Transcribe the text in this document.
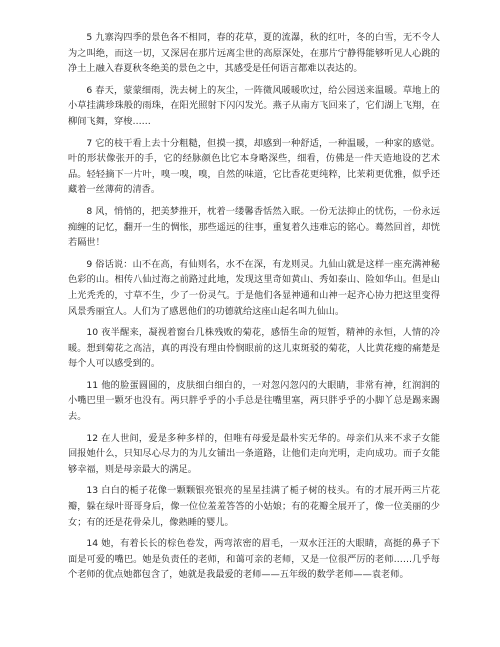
5 九寨沟四季的景色各不相同，春的花草，夏的流瀑，秋的红叶，冬的白雪，无不令人为之叫绝，而这一切，又深居在那片远离尘世的高原深处，在那片宁静得能够听见人心跳的净土上融入春夏秋冬绝美的景色之中，其感受是任何语言都难以表达的。

6 春天，蒙蒙细雨，洗去树上的灰尘，一阵微风暖暖吹过，给公园送来温暖。草地上的小草挂满珍珠般的雨珠，在阳光照射下闪闪发光。燕子从南方飞回来了，它们湖上飞翔，在柳间飞舞，穿梭……

7 它的枝干看上去十分粗糙，但摸一摸，却感到一种舒适，一种温暖，一种家的感觉。叶的形状像张开的手，它的经脉颜色比它本身略深些，细看，仿佛是一件天造地设的艺术品。轻轻摘下一片叶，嗅一嗅，嗅，自然的味道，它比香花更纯粹，比茉莉更优雅，似乎还藏着一丝薄荷的清香。

8 风，悄悄的，把美梦推开，枕着一缕馨香恬然入眠。一份无法抑止的忧伤，一份永远痴缠的记忆，翻开一生的惆怅，那些遥远的往事，重复着久违难忘的铭心。蓦然回首，却恍若隔世！

9 俗话说：山不在高，有仙则名，水不在深，有龙则灵。九仙山就是这样一座充满神秘色彩的山。相传八仙过海之前路过此地，发现这里奇如黄山、秀如泰山、险如华山。但是山上光秃秃的，寸草不生，少了一份灵气。于是他们各显神通和山神一起齐心协力把这里变得风景秀丽宜人。人们为了感恩他们的功德就给这座山起名叫九仙山。

10 夜半醒来，凝视着窗台几株残败的菊花，感悟生命的短暂，精神的永恒，人情的冷暖。想到菊花之高洁，真的再没有理由怜悯眼前的这儿束斑驳的菊花，人比黄花瘦的痛楚是每个人可以感受到的。

11 他的脸蛋圆圆的，皮肤细白细白的，一对忽闪忽闪的大眼睛，非常有神，红润润的小嘴巴里一颗牙也没有。两只胖乎乎的小手总是往嘴里塞，两只胖乎乎的小脚丫总是踢来踢去。

12 在人世间，爱是多种多样的，但唯有母爱是最朴实无华的。母亲们从来不求子女能回报她什么，只知尽心尽力的为儿女铺出一条道路，让他们走向光明，走向成功。而子女能够幸福，则是母亲最大的满足。

13 白白的栀子花像一颗颗银亮银亮的星星挂满了栀子树的枝头。有的才展开两三片花瓣，躲在绿叶哥哥身后，像一位位羞羞答答的小姑娘；有的花瓣全展开了，像一位美丽的少女；有的还是花骨朵儿，像熟睡的婴儿。

14 她，有着长长的棕色卷发，两弯浓密的眉毛，一双水汪汪的大眼睛，高挺的鼻子下面是可爱的嘴巴。她是负责任的老师，和蔼可亲的老师，又是一位很严厉的老师……几乎每个老师的优点她都包含了，她就是我最爱的老师——五年级的数学老师——袁老师。
